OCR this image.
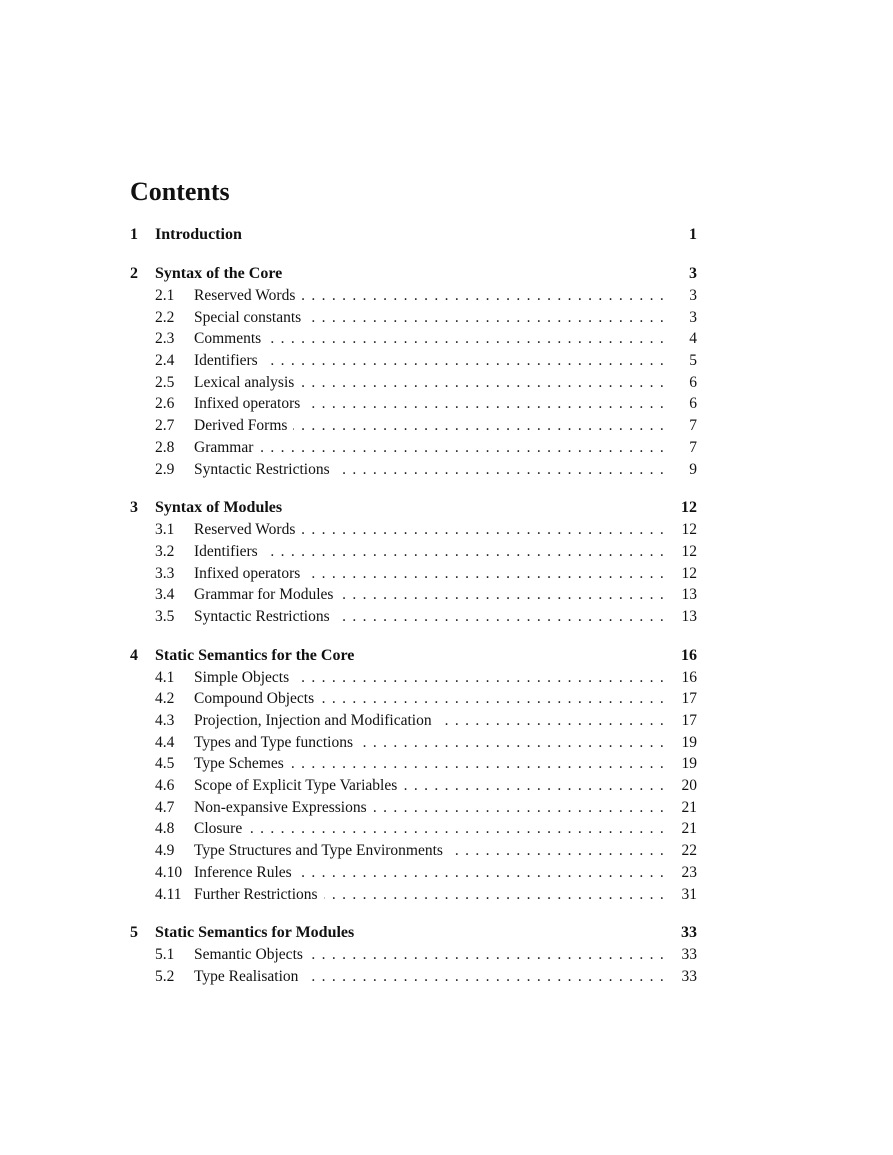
Contents
1	Introduction	1
2	Syntax of the Core	3
2.1	Reserved Words . . .	3
2.2	Special constants . . .	3
2.3	Comments . . .	4
2.4	Identifiers . . .	5
2.5	Lexical analysis . . .	6
2.6	Infixed operators . . .	6
2.7	Derived Forms . . .	7
2.8	Grammar . . .	7
2.9	Syntactic Restrictions . . .	9
3	Syntax of Modules	12
3.1	Reserved Words . . .	12
3.2	Identifiers . . .	12
3.3	Infixed operators . . .	12
3.4	Grammar for Modules . . .	13
3.5	Syntactic Restrictions . . .	13
4	Static Semantics for the Core	16
4.1	Simple Objects . . .	16
4.2	Compound Objects . . .	17
4.3	Projection, Injection and Modification . . .	17
4.4	Types and Type functions . . .	19
4.5	Type Schemes . . .	19
4.6	Scope of Explicit Type Variables . . .	20
4.7	Non-expansive Expressions . . .	21
4.8	Closure . . .	21
4.9	Type Structures and Type Environments . . .	22
4.10 Inference Rules . . .	23
4.11 Further Restrictions . . .	31
5	Static Semantics for Modules	33
5.1	Semantic Objects . . .	33
5.2	Type Realisation . . .	33
